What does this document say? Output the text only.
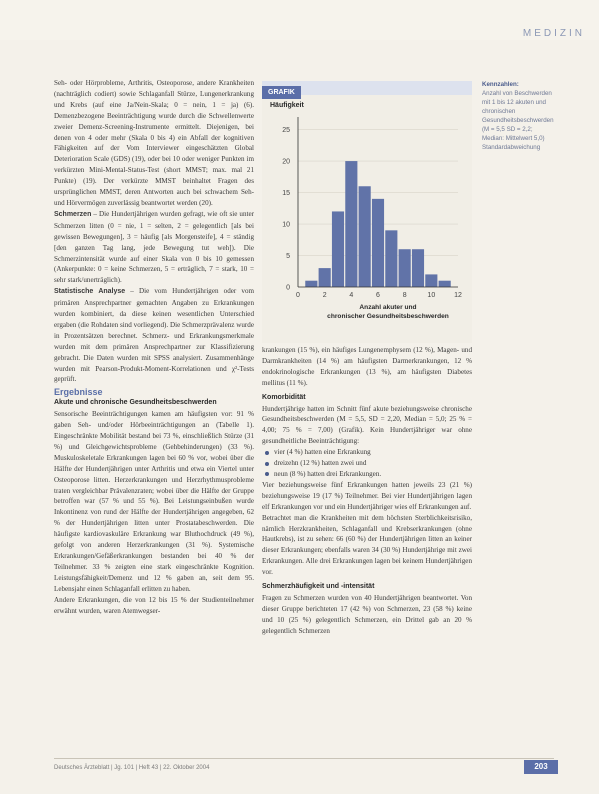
MEDIZIN

Seh- oder Hörprobleme, Arthritis, Osteoporose, andere Krankheiten (nachträglich codiert) sowie Schlaganfall Stürze, Lungenerkrankung und Krebs (auf eine Ja/Nein-Skala; 0 = nein, 1 = ja) (6). Demenzbezogene Beeinträchtigung wurde durch die Schwellenwerte zweier Demenz-Screening-Instrumente ermittelt. Diejenigen, bei denen von 4 oder mehr (Skala 0 bis 4) ein Abfall der kognitiven Fähigkeiten auf der Vom Interviewer eingeschätzten Global Deterioration Scale (GDS) (19), oder bei 10 oder weniger Punkten im verkürzten Mini-Mental-Status-Test (short MMST; max. mal 21 Punkte) (19). Der verkürzte MMST beinhaltet Fragen des ursprünglichen MMST, deren Antworten auch bei schwachem Seh- und Hörvermögen zuverlässig beantwortet werden (20).

Schmerzen – Die Hundertjährigen wurden gefragt, wie oft sie unter Schmerzen litten (0 = nie, 1 = selten, 2 = gelegentlich [als bei gewissen Bewegungen], 3 = häufig [als Morgensteife], 4 = ständig [den ganzen Tag lang, jede Bewegung tut weh]). Die Schmerzintensität wurde auf einer Skala von 0 bis 10 gemessen (Ankerpunkte: 0 = keine Schmerzen, 5 = erträglich, 7 = stark, 10 = sehr stark/unerträglich).

Statistische Analyse – Die vom Hundertjährigen oder vom primären Ansprechpartner gemachten Angaben zu Erkrankungen wurden kombiniert, da diese keinen wesentlichen Unterschied ergaben (die Rohdaten sind vorliegend). Die Schmerzprävalenz wurde in Prozentsätzen berechnet. Schmerz- und Erkrankungsmerkmale wurden mit dem primären Ansprechpartner zur Klassifizierung gebracht. Die Daten wurden mit SPSS analysiert. Zusammenhänge wurden mit Pearson-Produkt-Moment-Korrelationen und χ²-Tests geprüft.

Ergebnisse
Akute und chronische Gesundheitsbeschwerden

Sensorische Beeinträchtigungen kamen am häufigsten vor: 91 % gaben Seh- und/oder Hörbeeinträchtigungen an (Tabelle 1). Eingeschränkte Mobilität bestand bei 73 %, einschließlich Stürze (31 %) und Gleichgewichtsprobleme (Gehbehinderungen) (33 %). Muskuloskeletale Erkrankungen lagen bei 60 % vor, wobei über die Hälfte der Hundertjährigen unter Arthritis und etwa ein Viertel unter Osteoporose litten. Herzerkrankungen und Herzrhythmusprobleme traten vergleichbar Prävalenzraten; wobei über die Hälfte der Gruppe betroffen war (57 % und 55 %). Bei Leistungseinbußen wurde Inkontinenz von rund der Hälfte der Hundertjährigen angegeben, 62 % der Hundertjährigen litten unter Prostatabeschwerden. Die häufigste kardiovaskuläre Erkrankung war Bluthochdruck (49 %), gefolgt von anderen Herzerkrankungen (31 %). Systemische Erkrankungen/Gefäßerkrankungen bestanden bei 40 % der Teilnehmer. 33 % zeigten eine stark eingeschränkte Kognition. Leistungsfähigkeit/Demenz und 12 % gaben an, seit dem 95. Lebensjahr einen Schlaganfall erlitten zu haben.

Andere Erkrankungen, die von 12 bis 15 % der Studienteilnehmer erwähnt wurden, waren Atemwegser-

GRAFIK
Häufigkeit
0
5
10
15
20
25
0	2	4	6	8	10	12
Anzahl akuter und
chronischer Gesundheitsbeschwerden
Kennzahlen:
Anzahl von Beschwerden mit 1 bis 12 akuten und chronischen Gesundheitsbeschwerden (M = 5,5 SD = 2,2; Median: Mittelwert 5,0) Standardabweichung

krankungen (15 %), ein häufiges Lungenemphysem (12 %), Magen- und Darmkrankheiten (14 %) am häufigsten Darmerkrankungen, 12 % endokrinologische Erkrankungen (13 %), am häufigsten Diabetes mellitus (11 %).

Komorbidität

Hundertjährige hatten im Schnitt fünf akute beziehungsweise chronische Gesundheitsbeschwerden (M = 5,5, SD = 2,20, Median = 5,0; 25 % = 4,00; 75 % = 7,00) (Grafik). Kein Hundertjähriger war ohne gesundheitliche Beeinträchtigung:

vier (4 %) hatten eine Erkrankung
dreizehn (12 %) hatten zwei und
neun (8 %) hatten drei Erkrankungen.

Vier beziehungsweise fünf Erkrankungen hatten jeweils 23 (21 %) beziehungsweise 19 (17 %) Teilnehmer. Bei vier Hundertjährigen lagen elf Erkrankungen vor und ein Hundertjähriger wies elf Erkrankungen auf.

Betrachtet man die Krankheiten mit dem höchsten Sterblichkeitsrisiko, nämlich Herzkrankheiten, Schlaganfall und Krebserkrankungen (ohne Hautkrebs), ist zu sehen: 66 (60 %) der Hundertjährigen litten an keiner dieser Erkrankungen; ebenfalls waren 34 (30 %) Hundertjährige mit zwei Erkrankungen. Alle drei Erkrankungen lagen bei keinem Hundertjährigen vor.

Schmerzhäufigkeit und -intensität

Fragen zu Schmerzen wurden von 40 Hundertjährigen beantwortet. Von dieser Gruppe berichteten 17 (42 %) von Schmerzen, 23 (58 %) keine und 10 (25 %) gelegentlich Schmerzen, ein Drittel gab an 20 % gelegentlich Schmerzen

Deutsches Ärzteblatt | Jg. 101 | Heft 43 | 22. Oktober 2004	203
